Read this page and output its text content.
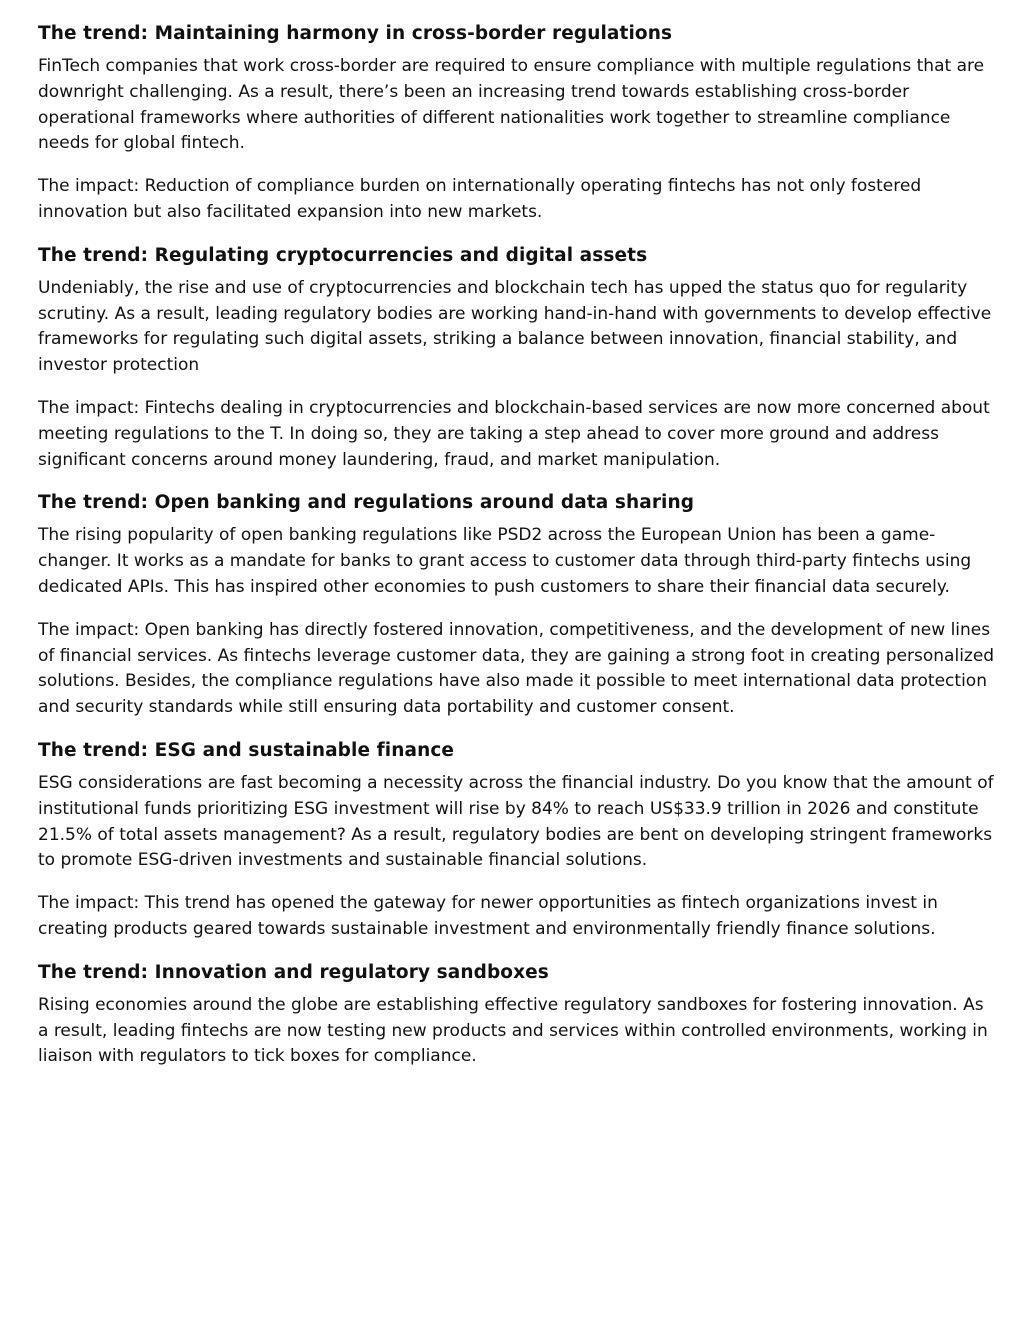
The trend: Maintaining harmony in cross-border regulations

FinTech companies that work cross-border are required to ensure compliance with multiple regulations that are downright challenging. As a result, there’s been an increasing trend towards establishing cross-border operational frameworks where authorities of different nationalities work together to streamline compliance needs for global fintech.

The impact: Reduction of compliance burden on internationally operating fintechs has not only fostered innovation but also facilitated expansion into new markets.

The trend: Regulating cryptocurrencies and digital assets

Undeniably, the rise and use of cryptocurrencies and blockchain tech has upped the status quo for regularity scrutiny. As a result, leading regulatory bodies are working hand-in-hand with governments to develop effective frameworks for regulating such digital assets, striking a balance between innovation, financial stability, and investor protection

The impact: Fintechs dealing in cryptocurrencies and blockchain-based services are now more concerned about meeting regulations to the T. In doing so, they are taking a step ahead to cover more ground and address significant concerns around money laundering, fraud, and market manipulation.

The trend: Open banking and regulations around data sharing

The rising popularity of open banking regulations like PSD2 across the European Union has been a game-changer. It works as a mandate for banks to grant access to customer data through third-party fintechs using dedicated APIs. This has inspired other economies to push customers to share their financial data securely.

The impact: Open banking has directly fostered innovation, competitiveness, and the development of new lines of financial services. As fintechs leverage customer data, they are gaining a strong foot in creating personalized solutions. Besides, the compliance regulations have also made it possible to meet international data protection and security standards while still ensuring data portability and customer consent.

The trend: ESG and sustainable finance

ESG considerations are fast becoming a necessity across the financial industry. Do you know that the amount of institutional funds prioritizing ESG investment will rise by 84% to reach US$33.9 trillion in 2026 and constitute 21.5% of total assets management? As a result, regulatory bodies are bent on developing stringent frameworks to promote ESG-driven investments and sustainable financial solutions.

The impact: This trend has opened the gateway for newer opportunities as fintech organizations invest in creating products geared towards sustainable investment and environmentally friendly finance solutions.

The trend: Innovation and regulatory sandboxes

Rising economies around the globe are establishing effective regulatory sandboxes for fostering innovation. As a result, leading fintechs are now testing new products and services within controlled environments, working in liaison with regulators to tick boxes for compliance.
